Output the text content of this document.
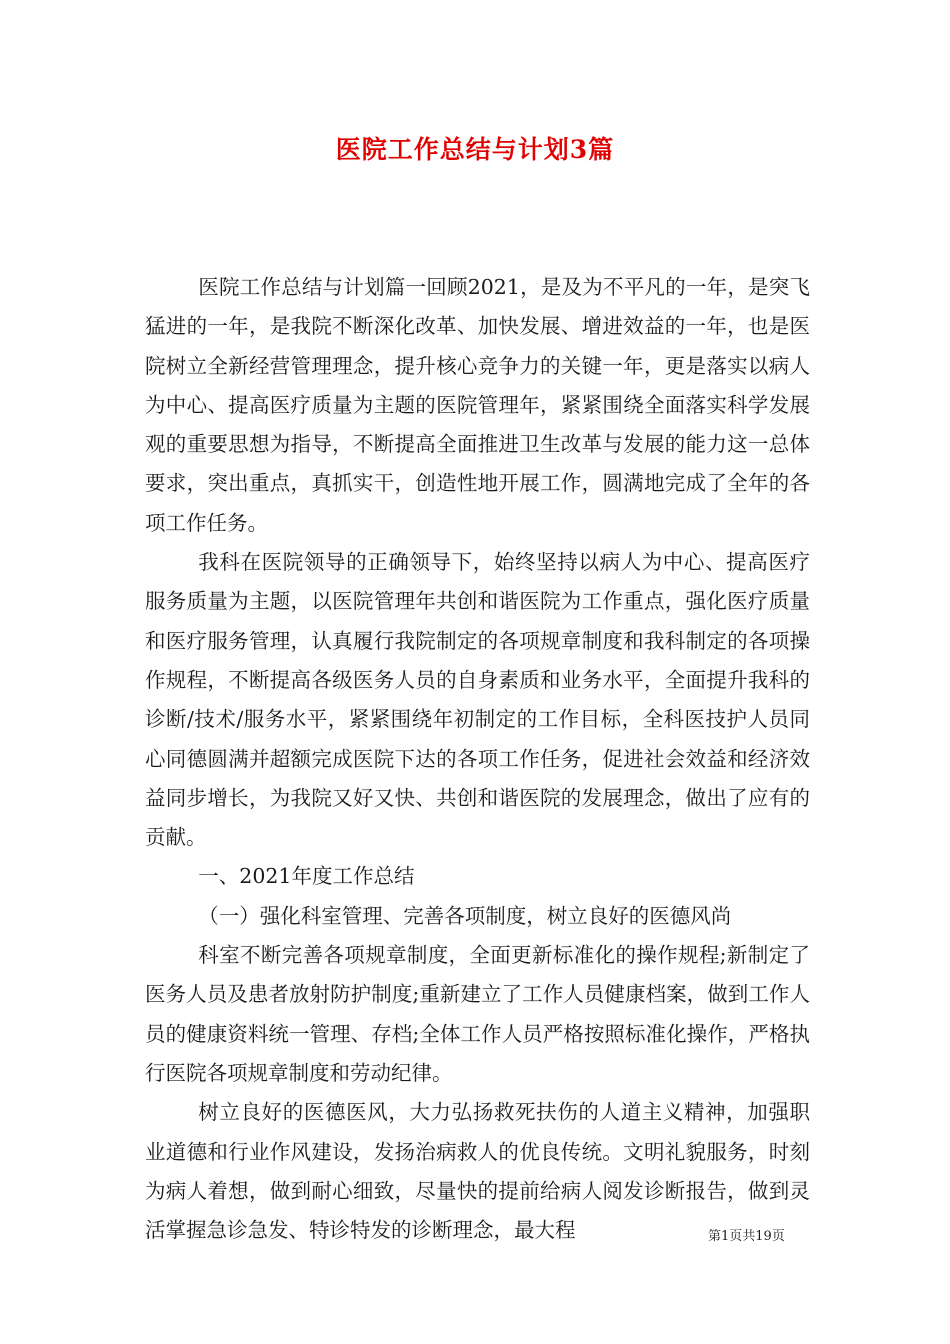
医院工作总结与计划3篇

医院工作总结与计划篇一回顾2021，是及为不平凡的一年，是突飞猛进的一年，是我院不断深化改革、加快发展、增进效益的一年，也是医院树立全新经营管理理念，提升核心竞争力的关键一年，更是落实以病人为中心、提高医疗质量为主题的医院管理年，紧紧围绕全面落实科学发展观的重要思想为指导，不断提高全面推进卫生改革与发展的能力这一总体要求，突出重点，真抓实干，创造性地开展工作，圆满地完成了全年的各项工作任务。

我科在医院领导的正确领导下，始终坚持以病人为中心、提高医疗服务质量为主题，以医院管理年共创和谐医院为工作重点，强化医疗质量和医疗服务管理，认真履行我院制定的各项规章制度和我科制定的各项操作规程，不断提高各级医务人员的自身素质和业务水平，全面提升我科的诊断/技术/服务水平，紧紧围绕年初制定的工作目标，全科医技护人员同心同德圆满并超额完成医院下达的各项工作任务，促进社会效益和经济效益同步增长，为我院又好又快、共创和谐医院的发展理念，做出了应有的贡献。

一、2021年度工作总结

（一）强化科室管理、完善各项制度，树立良好的医德风尚

科室不断完善各项规章制度，全面更新标准化的操作规程;新制定了医务人员及患者放射防护制度;重新建立了工作人员健康档案，做到工作人员的健康资料统一管理、存档;全体工作人员严格按照标准化操作，严格执行医院各项规章制度和劳动纪律。

树立良好的医德医风，大力弘扬救死扶伤的人道主义精神，加强职业道德和行业作风建设，发扬治病救人的优良传统。文明礼貌服务，时刻为病人着想，做到耐心细致，尽量快的提前给病人阅发诊断报告，做到灵活掌握急诊急发、特诊特发的诊断理念，最大程	第1页共19页
